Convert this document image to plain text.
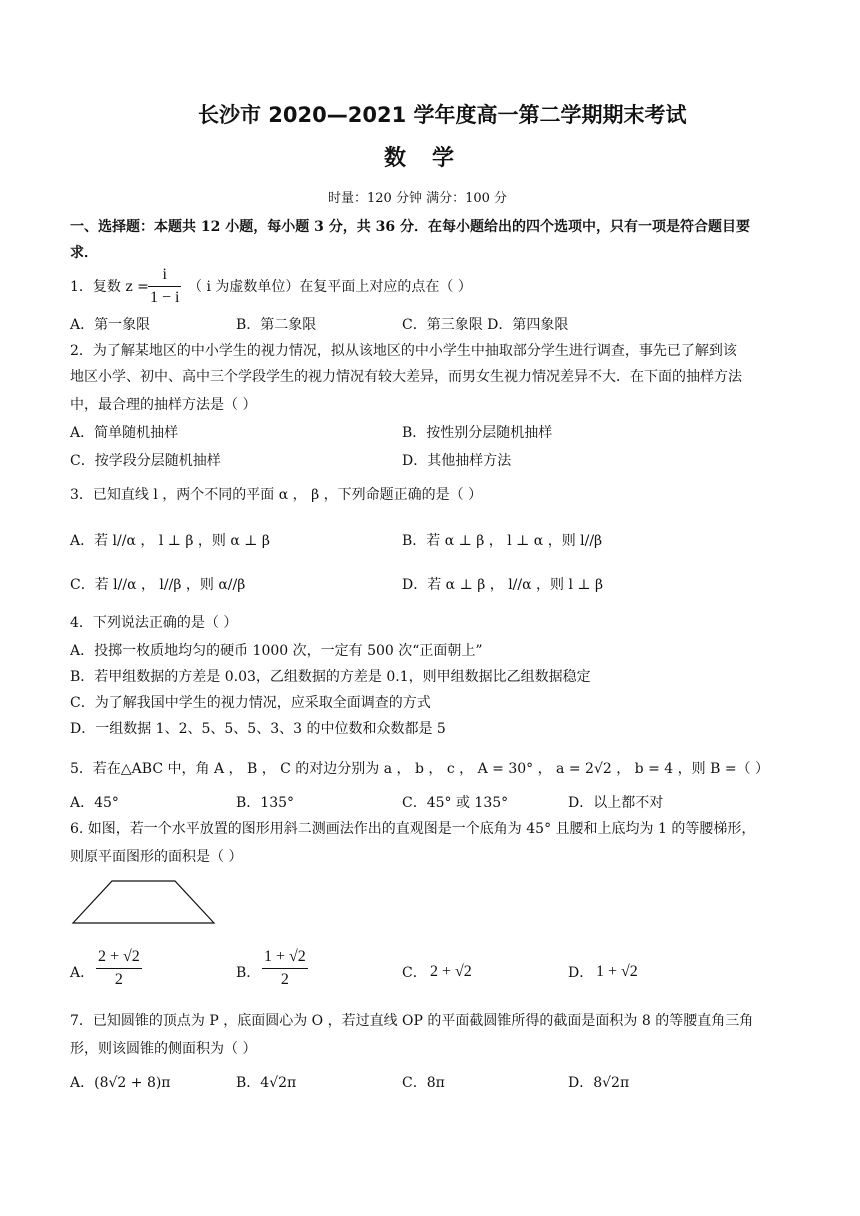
长沙市 2020—2021 学年度高一第二学期期末考试
数学
时量：120 分钟 满分：100 分
一、选择题：本题共 12 小题，每小题 3 分，共 36 分．在每小题给出的四个选项中，只有一项是符合题目要
求．
1．复数 z =
i
1 − i
（ i 为虚数单位）在复平面上对应的点在（ ）
A．第一象限	B．第二象限	C．第三象限 D．第四象限
2．为了解某地区的中小学生的视力情况，拟从该地区的中小学生中抽取部分学生进行调查，事先已了解到该
地区小学、初中、高中三个学段学生的视力情况有较大差异，而男女生视力情况差异不大．在下面的抽样方法
中，最合理的抽样方法是（ ）
A．简单随机抽样	B．按性别分层随机抽样
C．按学段分层随机抽样	D．其他抽样方法
3．已知直线 l ，两个不同的平面 α ， β ，下列命题正确的是（ ）
A．若 l//α ， l ⊥ β ，则 α ⊥ β	B．若 α ⊥ β ， l ⊥ α ，则 l//β
C．若 l//α ， l//β ，则 α//β	D．若 α ⊥ β ， l//α ，则 l ⊥ β
4．下列说法正确的是（ ）
A．投掷一枚质地均匀的硬币 1000 次，一定有 500 次“正面朝上”
B．若甲组数据的方差是 0.03，乙组数据的方差是 0.1，则甲组数据比乙组数据稳定
C．为了解我国中学生的视力情况，应采取全面调查的方式
D．一组数据 1、2、5、5、5、3、3 的中位数和众数都是 5
5．若在△ABC 中，角 A ， B ， C 的对边分别为 a ， b ， c ， A = 30° ， a = 2√2 ， b = 4 ，则 B =（ ）
A．45°	B．135°	C．45° 或 135°	D．以上都不对
6. 如图，若一个水平放置的图形用斜二测画法作出的直观图是一个底角为 45° 且腰和上底均为 1 的等腰梯形，
则原平面图形的面积是（ ）
A．
2 + √2
2	B．
1 + √2
2	C． 2 + √2	D． 1 + √2
7．已知圆锥的顶点为 P ，底面圆心为 O ，若过直线 OP 的平面截圆锥所得的截面是面积为 8 的等腰直角三角
形，则该圆锥的侧面积为（ ）
A．(8√2 + 8)π	B．4√2π	C．8π	D．8√2π
